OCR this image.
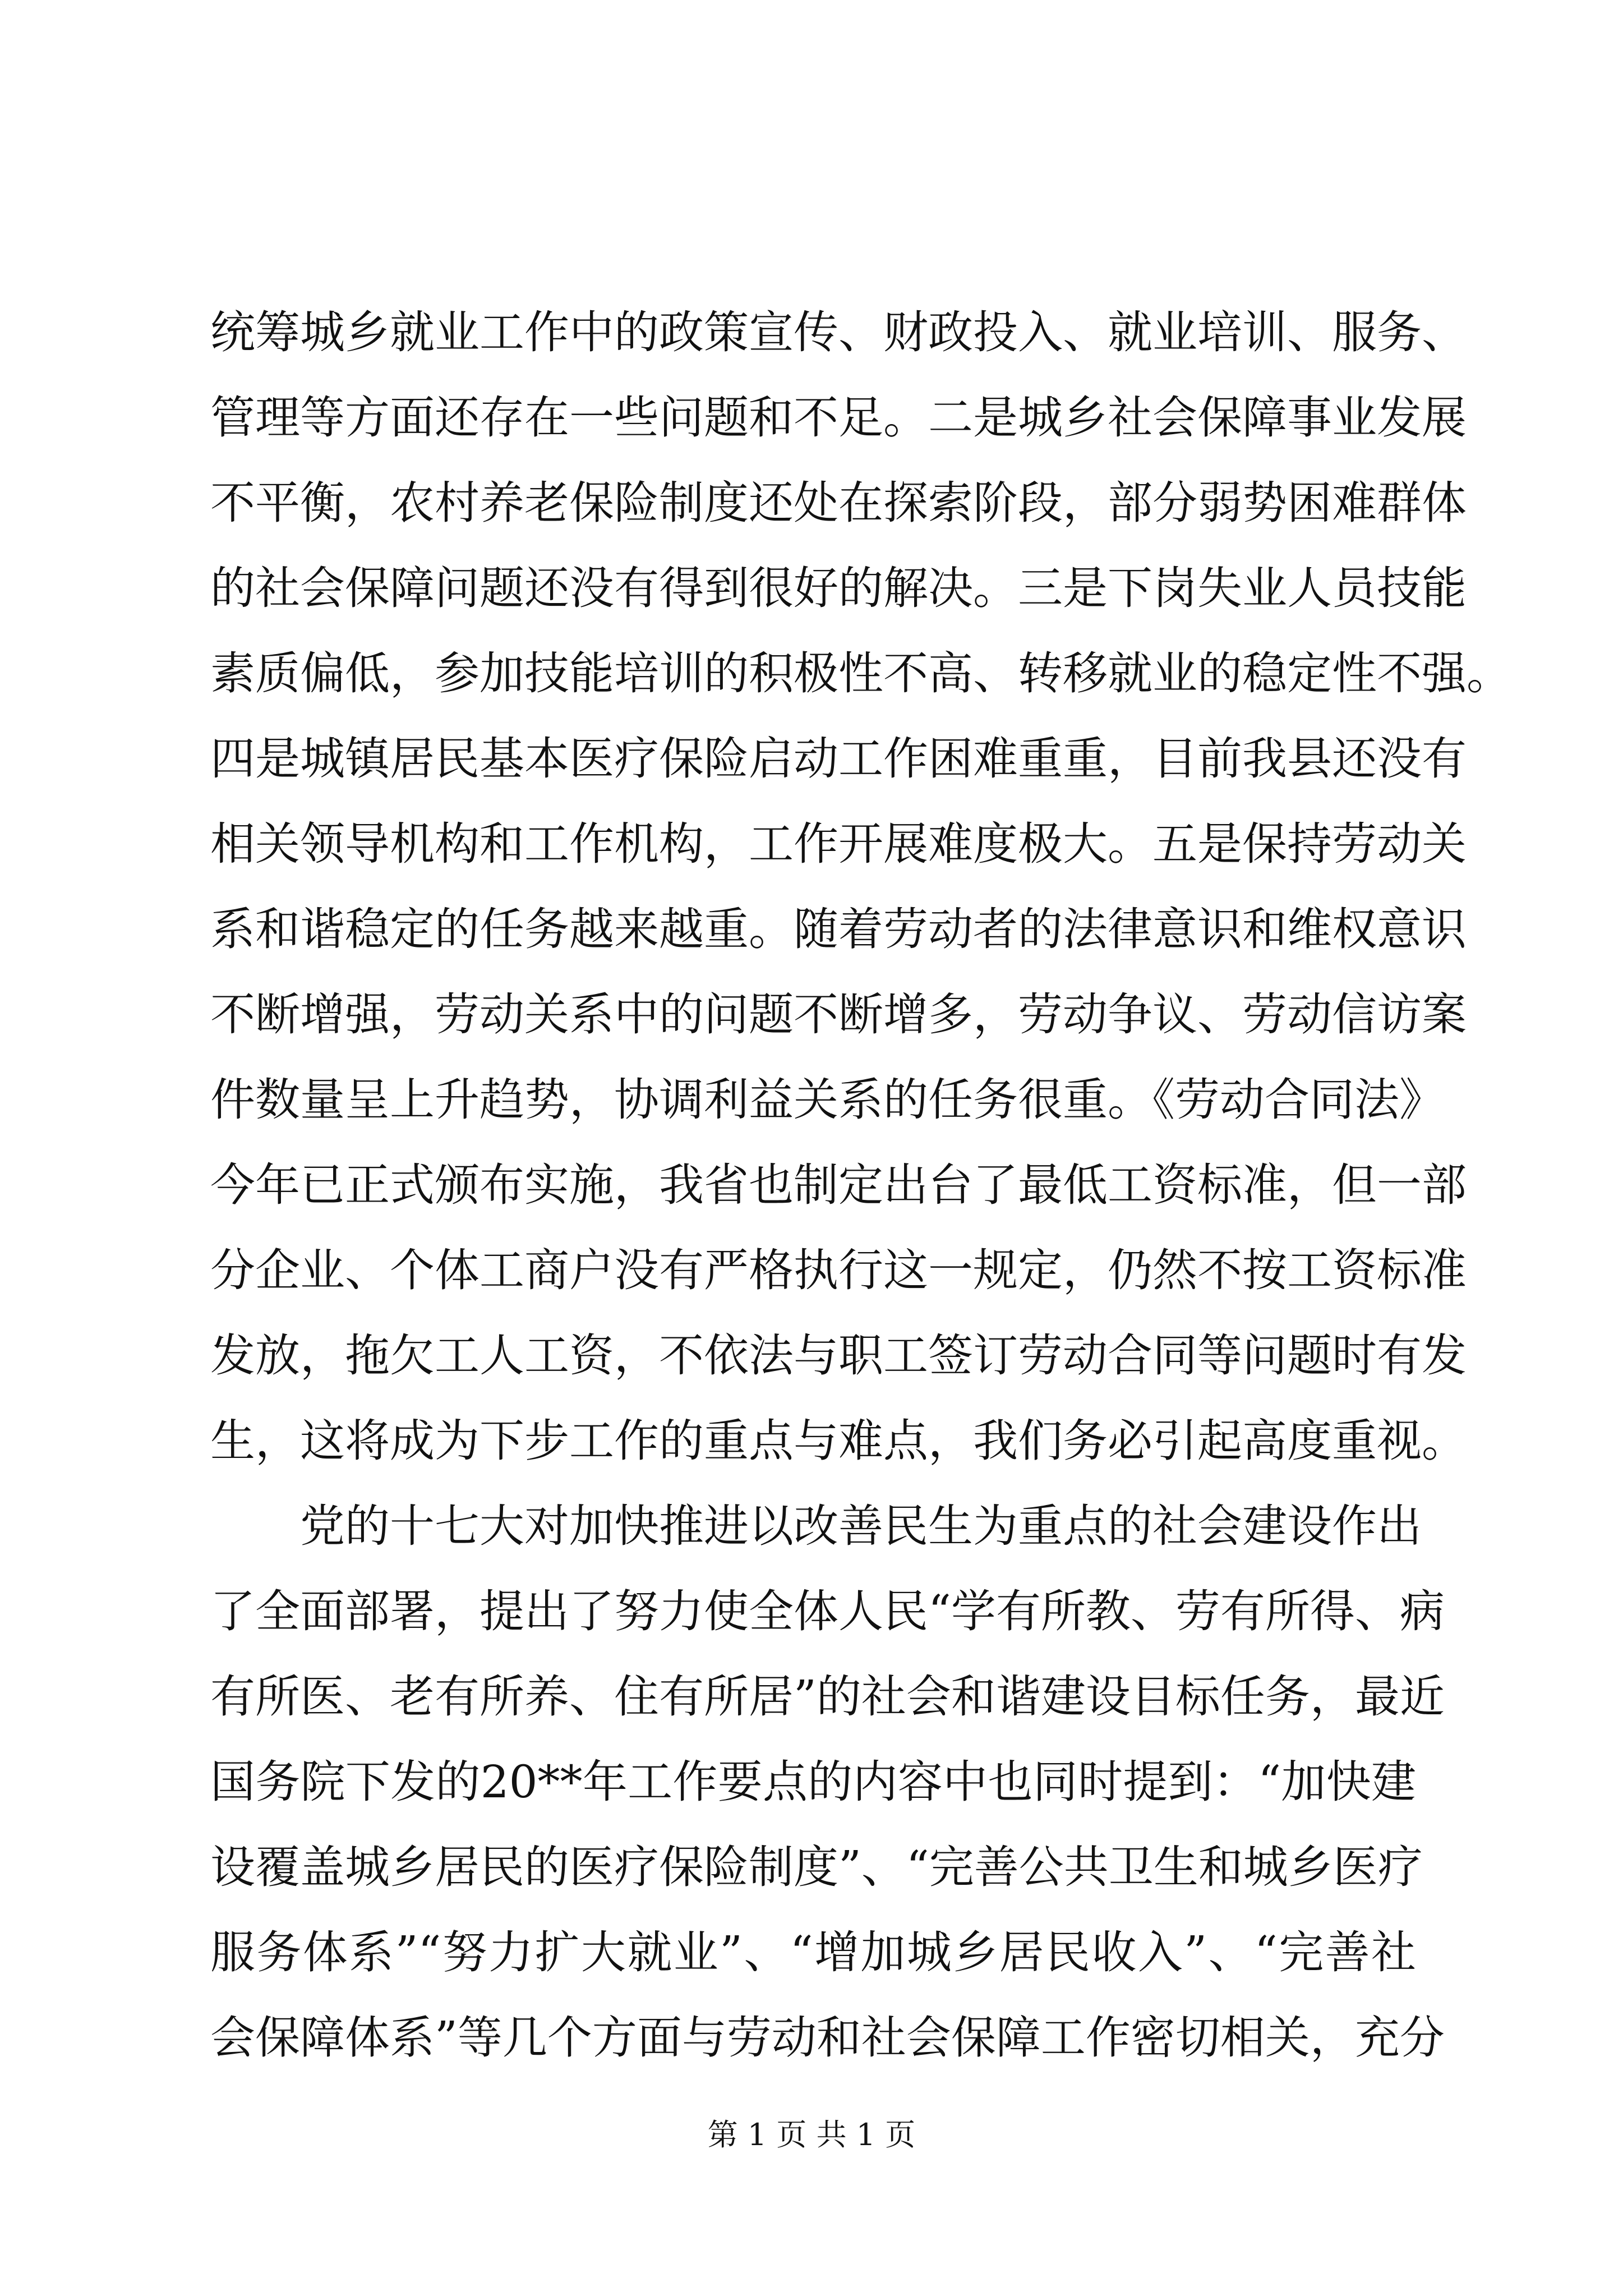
统筹城乡就业工作中的政策宣传、财政投入、就业培训、服务、
管理等方面还存在一些问题和不足。二是城乡社会保障事业发展
不平衡，农村养老保险制度还处在探索阶段，部分弱势困难群体
的社会保障问题还没有得到很好的解决。三是下岗失业人员技能
素质偏低，参加技能培训的积极性不高、转移就业的稳定性不强。
四是城镇居民基本医疗保险启动工作困难重重，目前我县还没有
相关领导机构和工作机构，工作开展难度极大。五是保持劳动关
系和谐稳定的任务越来越重。随着劳动者的法律意识和维权意识
不断增强，劳动关系中的问题不断增多，劳动争议、劳动信访案
件数量呈上升趋势，协调利益关系的任务很重。《劳动合同法》
今年已正式颁布实施，我省也制定出台了最低工资标准，但一部
分企业、个体工商户没有严格执行这一规定，仍然不按工资标准
发放，拖欠工人工资，不依法与职工签订劳动合同等问题时有发
生，这将成为下步工作的重点与难点，我们务必引起高度重视。
党的十七大对加快推进以改善民生为重点的社会建设作出
了全面部署，提出了努力使全体人民“学有所教、劳有所得、病
有所医、老有所养、住有所居”的社会和谐建设目标任务，最近
国务院下发的20**年工作要点的内容中也同时提到：“加快建
设覆盖城乡居民的医疗保险制度”、“完善公共卫生和城乡医疗
服务体系”“努力扩大就业”、“增加城乡居民收入”、“完善社
会保障体系”等几个方面与劳动和社会保障工作密切相关，充分
第 1 页 共 1 页
